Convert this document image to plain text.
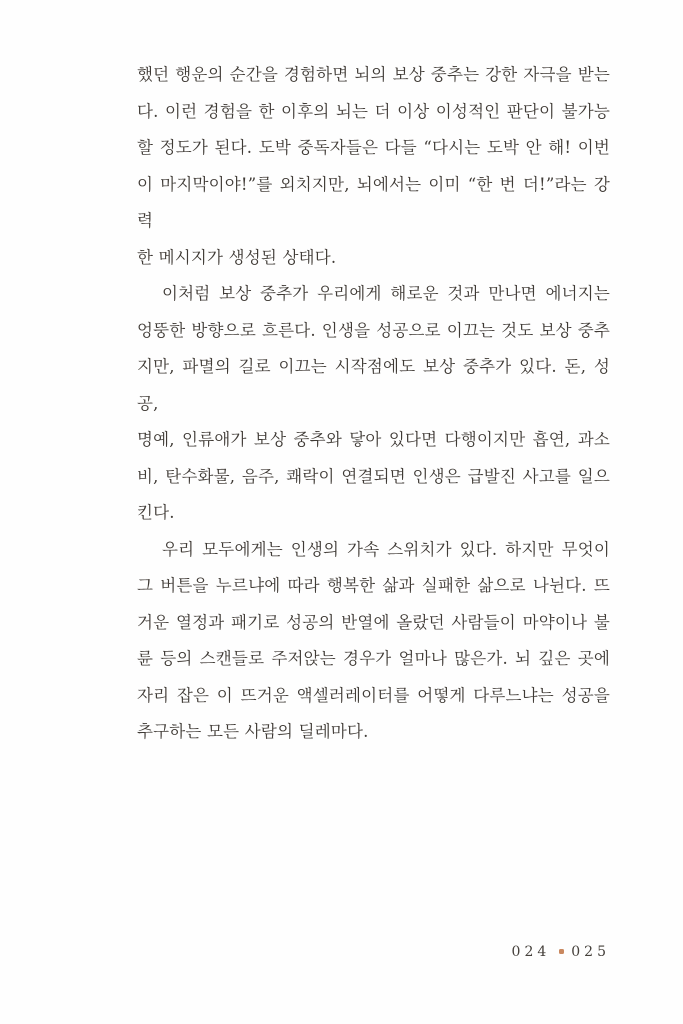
했던 행운의 순간을 경험하면 뇌의 보상 중추는 강한 자극을 받는
다. 이런 경험을 한 이후의 뇌는 더 이상 이성적인 판단이 불가능
할 정도가 된다. 도박 중독자들은 다들 “다시는 도박 안 해! 이번
이 마지막이야!”를 외치지만, 뇌에서는 이미 “한 번 더!”라는 강력
한 메시지가 생성된 상태다.
이처럼 보상 중추가 우리에게 해로운 것과 만나면 에너지는
엉뚱한 방향으로 흐른다. 인생을 성공으로 이끄는 것도 보상 중추
지만, 파멸의 길로 이끄는 시작점에도 보상 중추가 있다. 돈, 성공,
명예, 인류애가 보상 중추와 닿아 있다면 다행이지만 흡연, 과소
비, 탄수화물, 음주, 쾌락이 연결되면 인생은 급발진 사고를 일으
킨다.
우리 모두에게는 인생의 가속 스위치가 있다. 하지만 무엇이
그 버튼을 누르냐에 따라 행복한 삶과 실패한 삶으로 나뉜다. 뜨
거운 열정과 패기로 성공의 반열에 올랐던 사람들이 마약이나 불
륜 등의 스캔들로 주저앉는 경우가 얼마나 많은가. 뇌 깊은 곳에
자리 잡은 이 뜨거운 액셀러레이터를 어떻게 다루느냐는 성공을
추구하는 모든 사람의 딜레마다.
024 025
